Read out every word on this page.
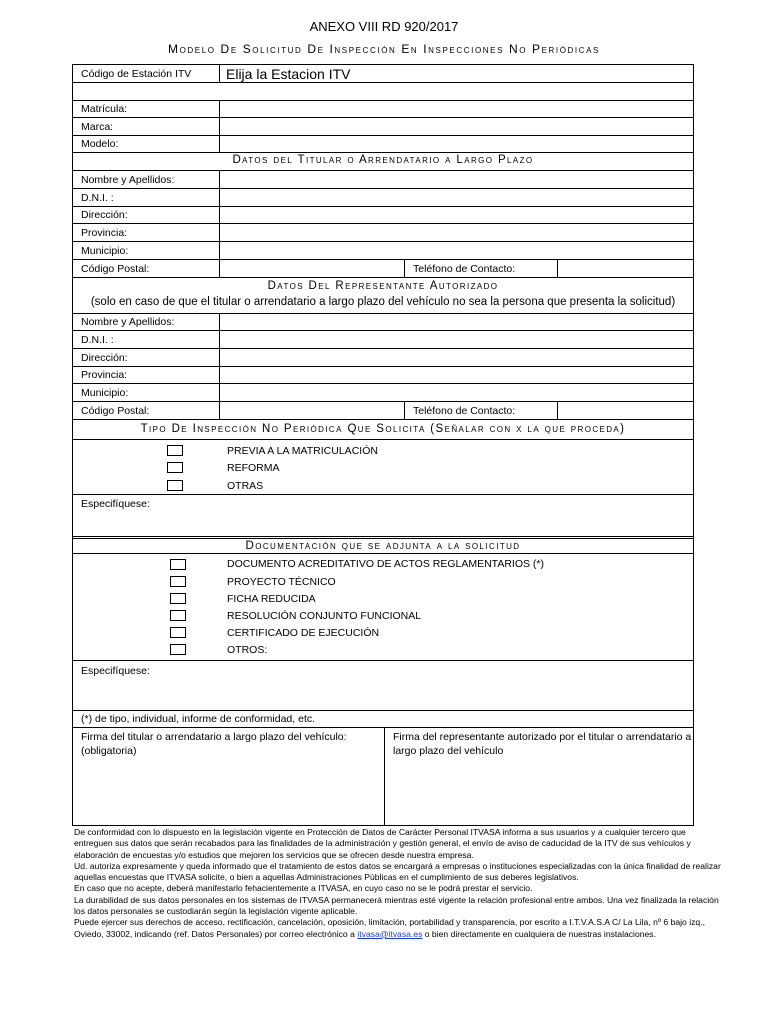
ANEXO VIII RD 920/2017
Modelo De Solicitud De Inspección En Inspecciones No Periódicas
Código de Estación ITV	Elija la Estacion ITV
Matrícula:
Marca:
Modelo:
Datos del Titular o Arrendatario a Largo Plazo
Nombre y Apellidos:
D.N.I. :
Dirección:
Provincia:
Municipio:
Código Postal:	Teléfono de Contacto:
Datos Del Representante Autorizado
(solo en caso de que el titular o arrendatario a largo plazo del vehículo no sea la persona que presenta la solicitud)
Nombre y Apellidos:
D.N.I. :
Dirección:
Provincia:
Municipio:
Código Postal:	Teléfono de Contacto:
Tipo De Inspección No Periódica Que Solicita (Señalar con x la que proceda)
PREVIA A LA MATRICULACIÓN
REFORMA
OTRAS
Especifíquese:
Documentación que se adjunta a la solicitud
DOCUMENTO ACREDITATIVO DE ACTOS REGLAMENTARIOS (*)
PROYECTO TÉCNICO
FICHA REDUCIDA
RESOLUCIÓN CONJUNTO FUNCIONAL
CERTIFICADO DE EJECUCIÓN
OTROS:
Especifíquese:
(*) de tipo, individual, informe de conformidad, etc.
Firma del titular o arrendatario a largo plazo del vehículo: (obligatoria)
Firma del representante autorizado por el titular o arrendatario a largo plazo del vehículo

De conformidad con lo dispuesto en la legislación vigente en Protección de Datos de Carácter Personal ITVASA informa a sus usuarios y a cualquier tercero que entreguen sus datos que serán recabados para las finalidades de la administración y gestión general, el envío de aviso de caducidad de la ITV de sus vehículos y elaboración de encuestas y/o estudios que mejoren los servicios que se ofrecen desde nuestra empresa.

Ud. autoriza expresamente y queda informado que el tratamiento de estos datos se encargará a empresas o instituciones especializadas con la única finalidad de realizar aquellas encuestas que ITVASA solicite, o bien a aquellas Administraciones Públicas en el cumplimiento de sus deberes legislativos.

En caso que no acepte, deberá manifestarlo fehacientemente a ITVASA, en cuyo caso no se le podrá prestar el servicio.

La durabilidad de sus datos personales en los sistemas de ITVASA permanecerá mientras esté vigente la relación profesional entre ambos. Una vez finalizada la relación los datos personales se custodiarán según la legislación vigente aplicable.

Puede ejercer sus derechos de acceso, rectificación, cancelación, oposición, limitación, portabilidad y transparencia, por escrito a I.T.V.A.S.A C/ La Lila, nº 6 bajo izq., Oviedo, 33002, indicando (ref. Datos Personales) por correo electrónico a itvasa@itvasa.es o bien directamente en cualquiera de nuestras instalaciones.
